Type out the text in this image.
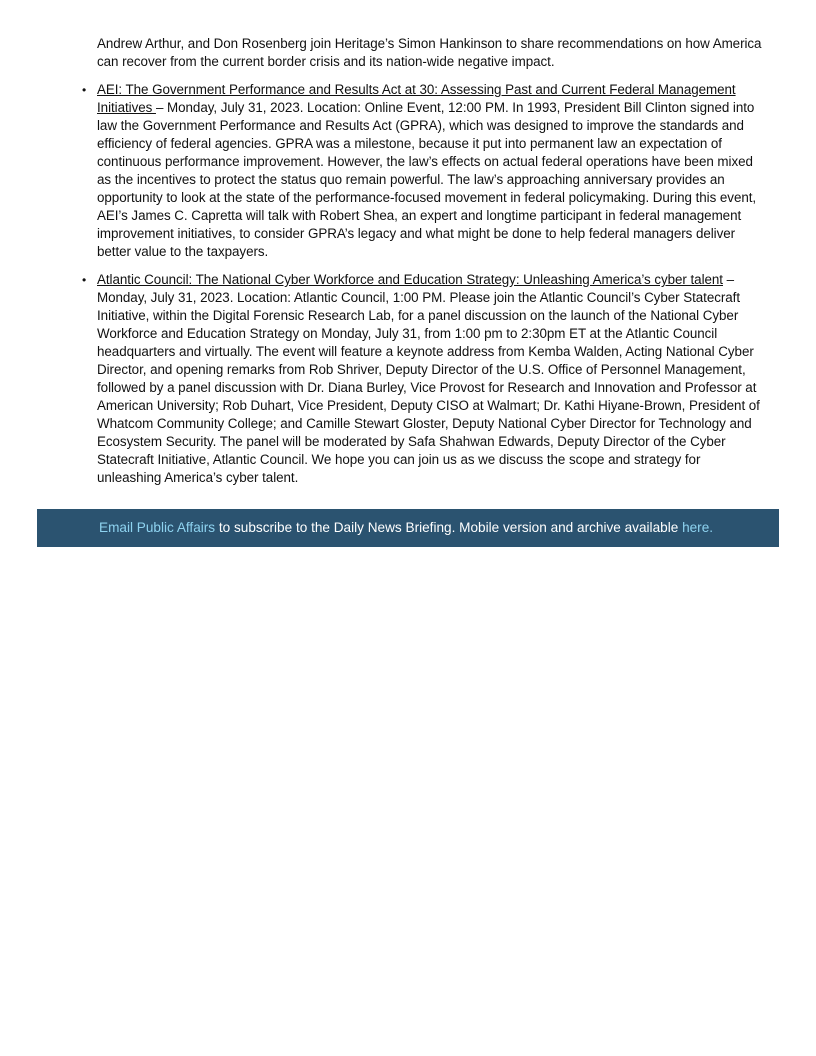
Andrew Arthur, and Don Rosenberg join Heritage’s Simon Hankinson to share recommendations on how America can recover from the current border crisis and its nation-wide negative impact.

• AEI: The Government Performance and Results Act at 30: Assessing Past and Current Federal Management Initiatives – Monday, July 31, 2023. Location: Online Event, 12:00 PM. In 1993, President Bill Clinton signed into law the Government Performance and Results Act (GPRA), which was designed to improve the standards and efficiency of federal agencies. GPRA was a milestone, because it put into permanent law an expectation of continuous performance improvement. However, the law’s effects on actual federal operations have been mixed as the incentives to protect the status quo remain powerful. The law’s approaching anniversary provides an opportunity to look at the state of the performance-focused movement in federal policymaking. During this event, AEI’s James C. Capretta will talk with Robert Shea, an expert and longtime participant in federal management improvement initiatives, to consider GPRA’s legacy and what might be done to help federal managers deliver better value to the taxpayers.
• Atlantic Council: The National Cyber Workforce and Education Strategy: Unleashing America’s cyber talent – Monday, July 31, 2023. Location: Atlantic Council, 1:00 PM. Please join the Atlantic Council’s Cyber Statecraft Initiative, within the Digital Forensic Research Lab, for a panel discussion on the launch of the National Cyber Workforce and Education Strategy on Monday, July 31, from 1:00 pm to 2:30pm ET at the Atlantic Council headquarters and virtually. The event will feature a keynote address from Kemba Walden, Acting National Cyber Director, and opening remarks from Rob Shriver, Deputy Director of the U.S. Office of Personnel Management, followed by a panel discussion with Dr. Diana Burley, Vice Provost for Research and Innovation and Professor at American University; Rob Duhart, Vice President, Deputy CISO at Walmart; Dr. Kathi Hiyane-Brown, President of Whatcom Community College; and Camille Stewart Gloster, Deputy National Cyber Director for Technology and Ecosystem Security. The panel will be moderated by Safa Shahwan Edwards, Deputy Director of the Cyber Statecraft Initiative, Atlantic Council. We hope you can join us as we discuss the scope and strategy for unleashing America’s cyber talent.
Email Public Affairs to subscribe to the Daily News Briefing. Mobile version and archive available here.
